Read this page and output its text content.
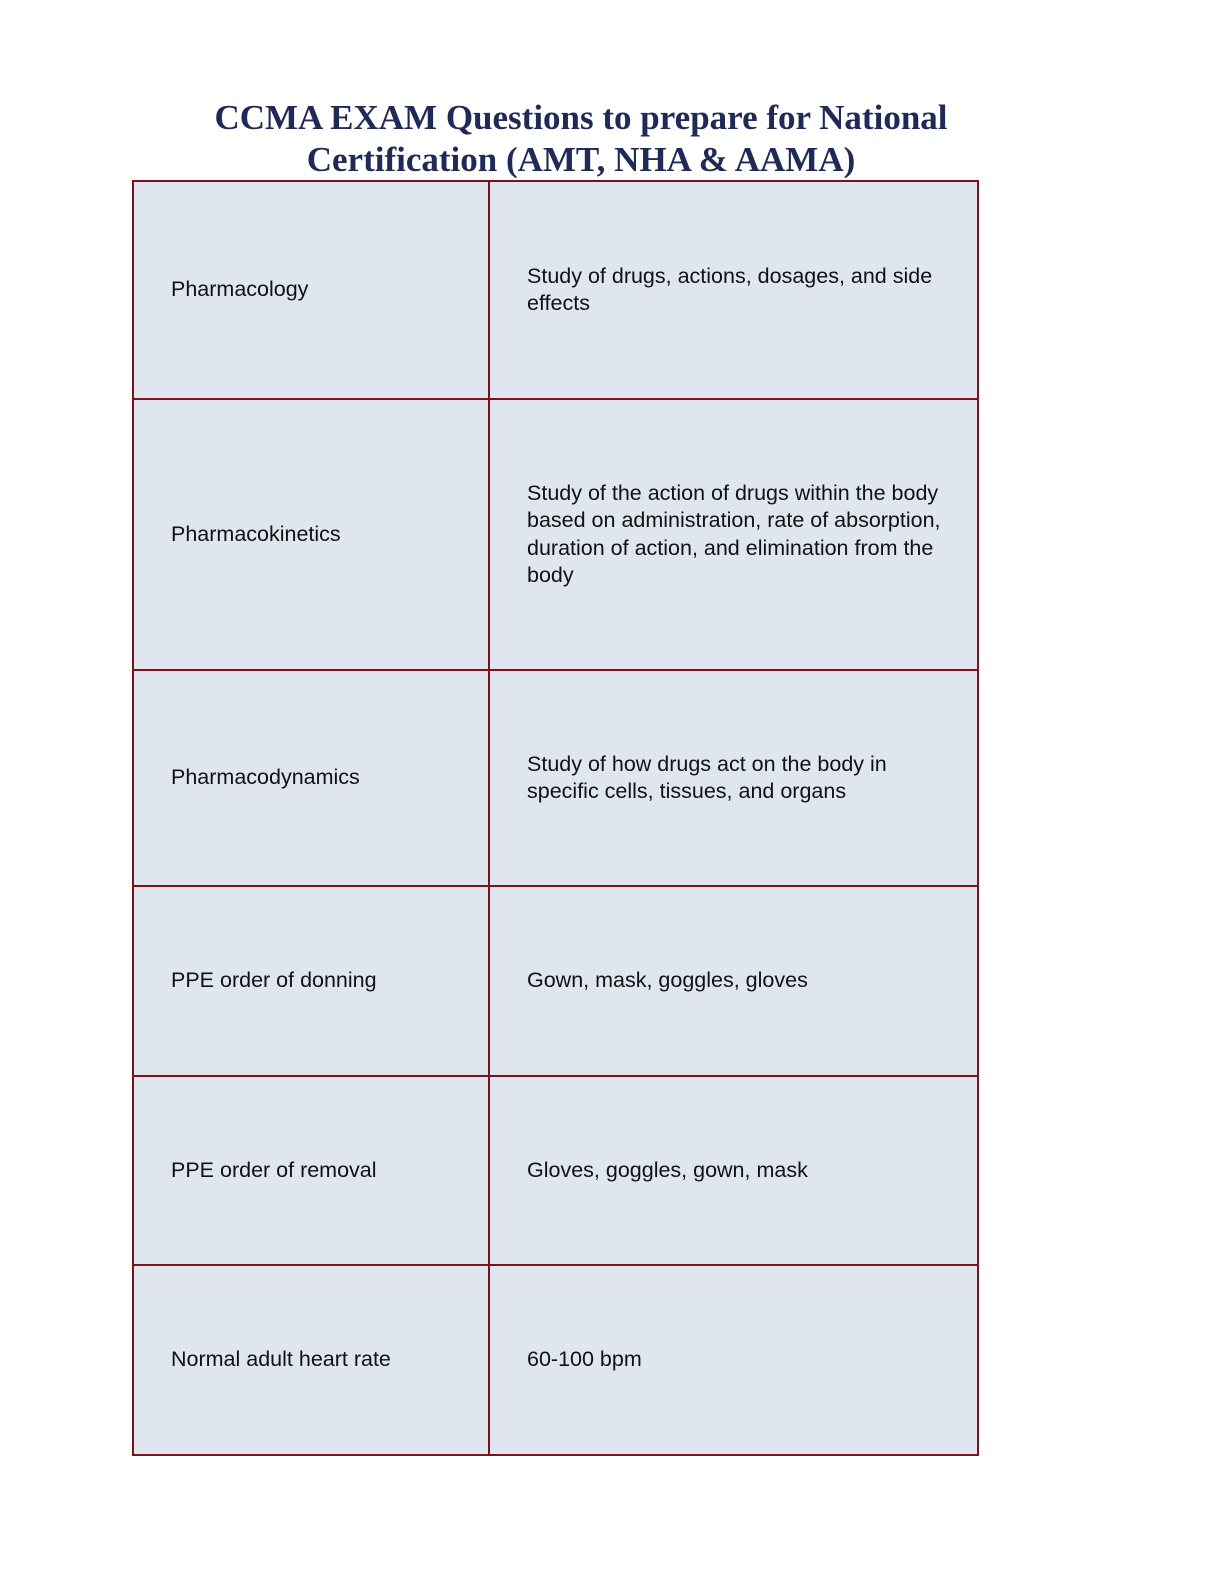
CCMA EXAM Questions to prepare for National
Certification (AMT, NHA & AAMA)
Pharmacology	Study of drugs, actions, dosages, and side effects

Pharmacokinetics	Study of the action of drugs within the body based on administration, rate of absorption, duration of action, and elimination from the body

Pharmacodynamics	Study of how drugs act on the body in specific cells, tissues, and organs

PPE order of donning	Gown, mask, goggles, gloves

PPE order of removal	Gloves, goggles, gown, mask

Normal adult heart rate	60-100 bpm
